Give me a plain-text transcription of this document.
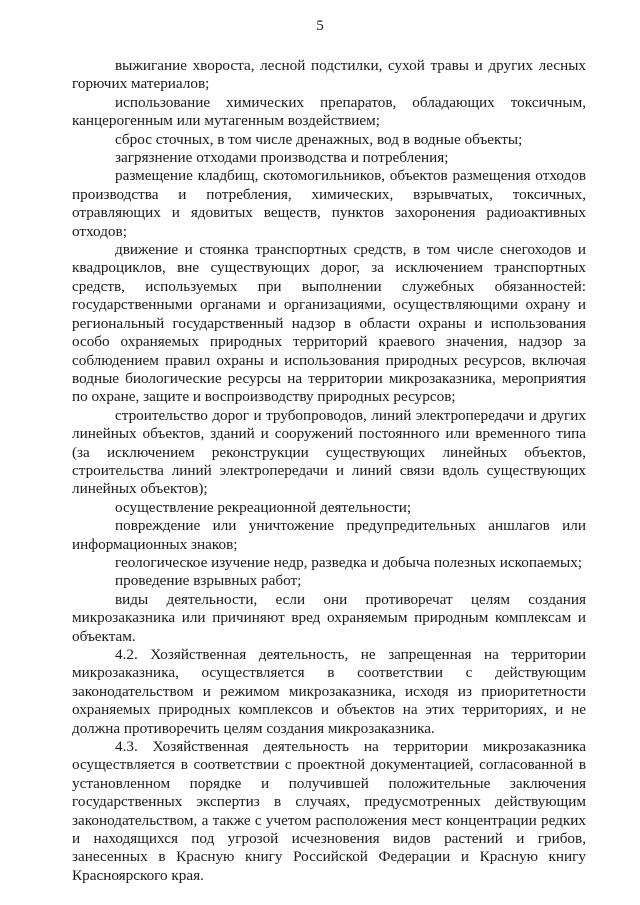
5

выжигание хвороста, лесной подстилки, сухой травы и других лесных горючих материалов;

использование химических препаратов, обладающих токсичным, канцерогенным или мутагенным воздействием;

сброс сточных, в том числе дренажных, вод в водные объекты;

загрязнение отходами производства и потребления;

размещение кладбищ, скотомогильников, объектов размещения отходов производства и потребления, химических, взрывчатых, токсичных, отравляющих и ядовитых веществ, пунктов захоронения радиоактивных отходов;

движение и стоянка транспортных средств, в том числе снегоходов и квадроциклов, вне существующих дорог, за исключением транспортных средств, используемых при выполнении служебных обязанностей: государственными органами и организациями, осуществляющими охрану и региональный государственный надзор в области охраны и использования особо охраняемых природных территорий краевого значения, надзор за соблюдением правил охраны и использования природных ресурсов, включая водные биологические ресурсы на территории микрозаказника, мероприятия по охране, защите и воспроизводству природных ресурсов;

строительство дорог и трубопроводов, линий электропередачи и других линейных объектов, зданий и сооружений постоянного или временного типа (за исключением реконструкции существующих линейных объектов, строительства линий электропередачи и линий связи вдоль существующих линейных объектов);

осуществление рекреационной деятельности;

повреждение или уничтожение предупредительных аншлагов или информационных знаков;

геологическое изучение недр, разведка и добыча полезных ископаемых;

проведение взрывных работ;

виды деятельности, если они противоречат целям создания микрозаказника или причиняют вред охраняемым природным комплексам и объектам.

4.2. Хозяйственная деятельность, не запрещенная на территории микрозаказника, осуществляется в соответствии с действующим законодательством и режимом микрозаказника, исходя из приоритетности охраняемых природных комплексов и объектов на этих территориях, и не должна противоречить целям создания микрозаказника.

4.3. Хозяйственная деятельность на территории микрозаказника осуществляется в соответствии с проектной документацией, согласованной в установленном порядке и получившей положительные заключения государственных экспертиз в случаях, предусмотренных действующим законодательством, а также с учетом расположения мест концентрации редких и находящихся под угрозой исчезновения видов растений и грибов, занесенных в Красную книгу Российской Федерации и Красную книгу Красноярского края.
